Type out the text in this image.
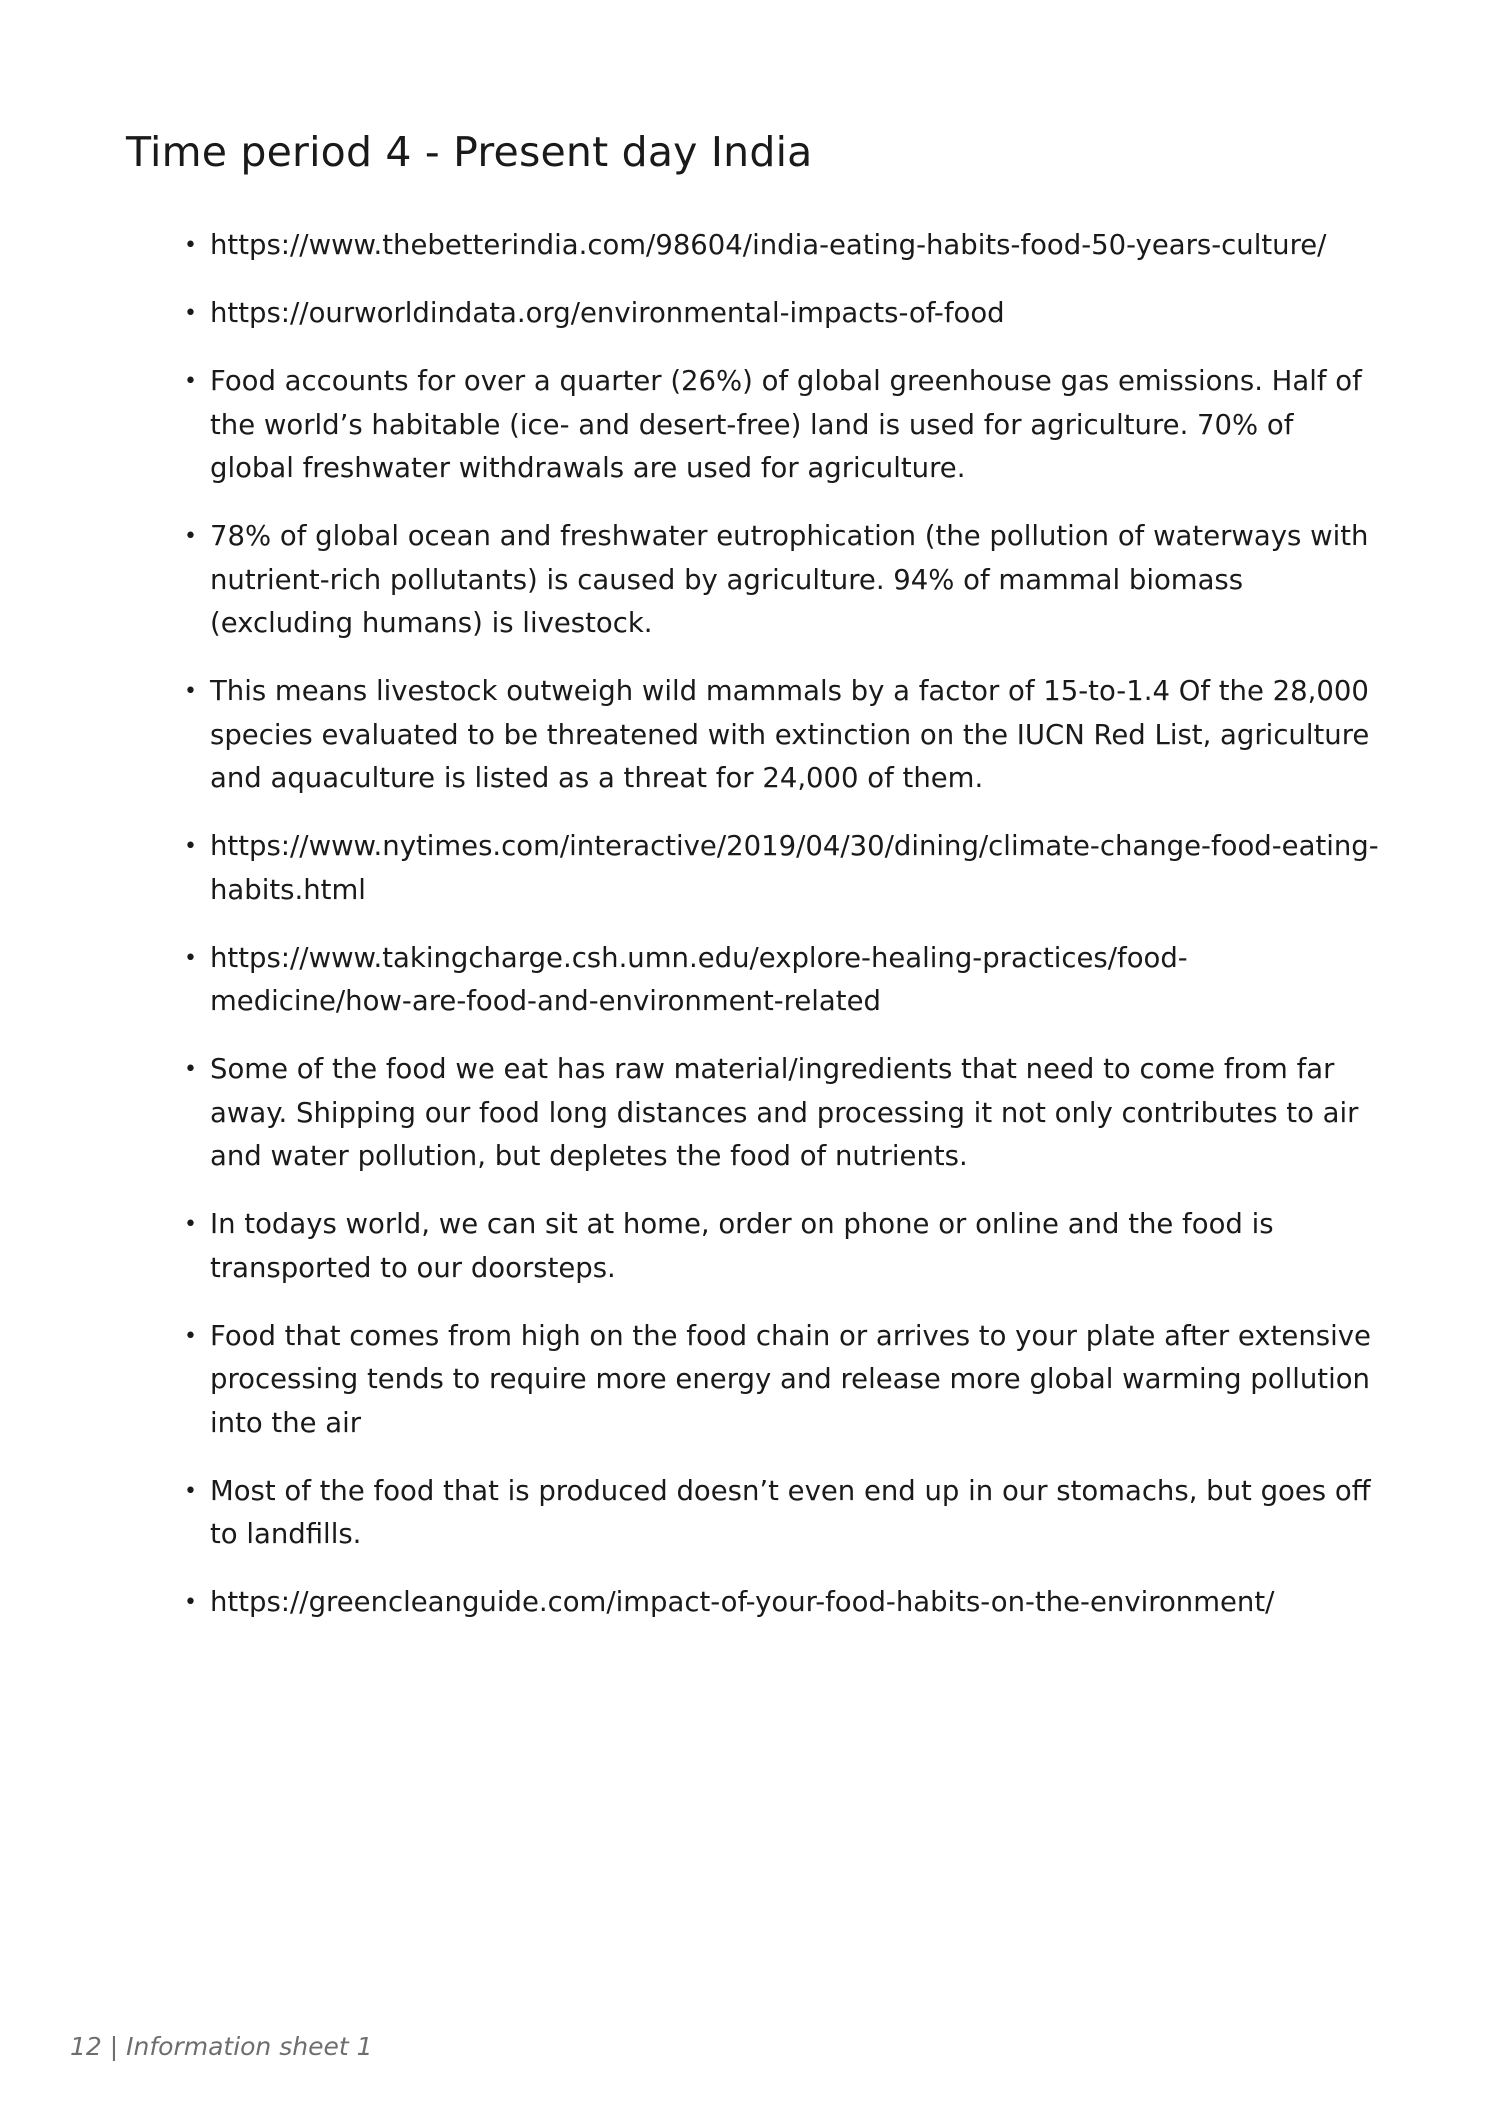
Time period 4 - Present day India
• https://www.thebetterindia.com/98604/india-eating-habits-food-50-years-culture/
• https://ourworldindata.org/environmental-impacts-of-food
• Food accounts for over a quarter (26%) of global greenhouse gas emissions. Half of the world’s habitable (ice- and desert-free) land is used for agriculture. 70% of global freshwater withdrawals are used for agriculture.
• 78% of global ocean and freshwater eutrophication (the pollution of waterways with nutrient-rich pollutants) is caused by agriculture. 94% of mammal biomass (excluding humans) is livestock.
• This means livestock outweigh wild mammals by a factor of 15-to-1.4 Of the 28,000 species evaluated to be threatened with extinction on the IUCN Red List, agriculture and aquaculture is listed as a threat for 24,000 of them.
• https://www.nytimes.com/interactive/2019/04/30/dining/climate-change-food-eating-habits.html
• https://www.takingcharge.csh.umn.edu/explore-healing-practices/food-medicine/how-are-food-and-environment-related
• Some of the food we eat has raw material/ingredients that need to come from far away. Shipping our food long distances and processing it not only contributes to air and water pollution, but depletes the food of nutrients.
• In todays world, we can sit at home, order on phone or online and the food is transported to our doorsteps.
• Food that comes from high on the food chain or arrives to your plate after extensive processing tends to require more energy and release more global warming pollution into the air
• Most of the food that is produced doesn’t even end up in our stomachs, but goes off to landfills.
• https://greencleanguide.com/impact-of-your-food-habits-on-the-environment/
12 | Information sheet 1
